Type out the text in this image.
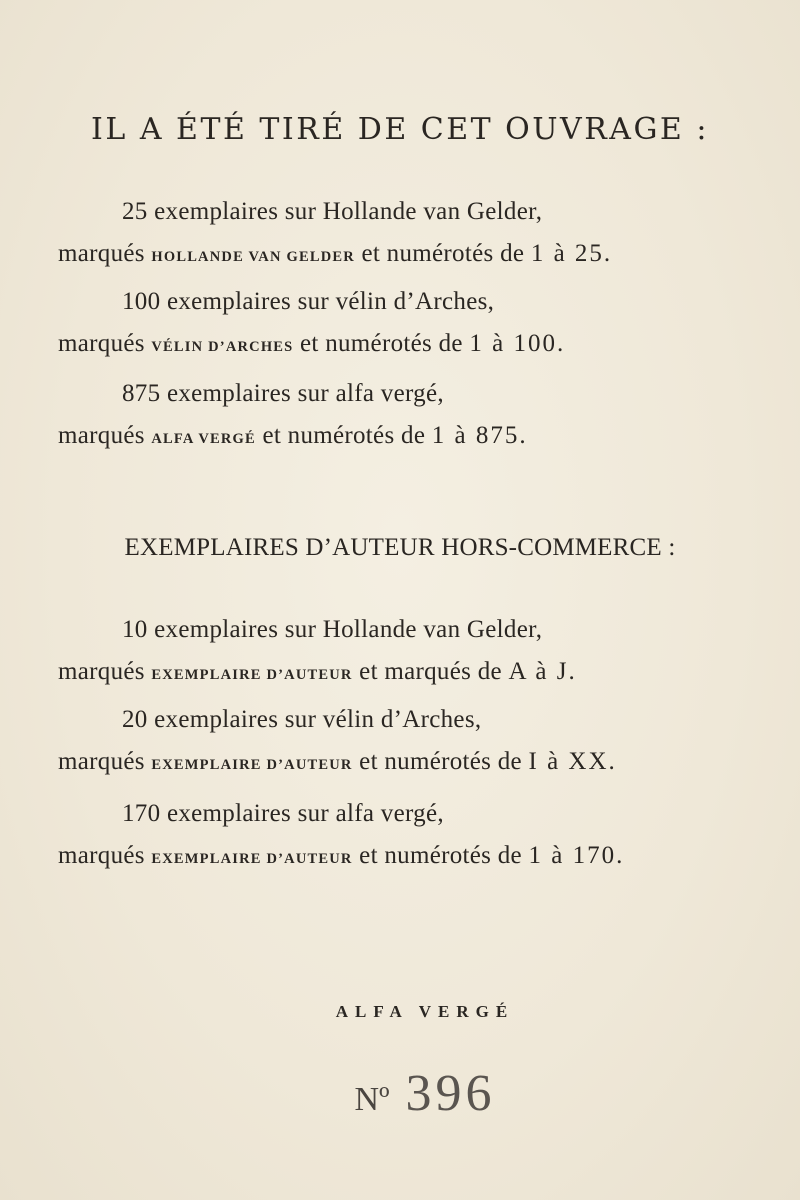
IL A ÉTÉ TIRÉ DE CET OUVRAGE :
25 exemplaires sur Hollande van Gelder,
marqués HOLLANDE VAN GELDER et numérotés de 1 à 25.
100 exemplaires sur vélin d’Arches,
marqués VÉLIN D’ARCHES et numérotés de 1 à 100.
875 exemplaires sur alfa vergé,
marqués ALFA VERGÉ et numérotés de 1 à 875.
EXEMPLAIRES D’AUTEUR HORS-COMMERCE :
10 exemplaires sur Hollande van Gelder,
marqués EXEMPLAIRE D’AUTEUR et marqués de A à J.
20 exemplaires sur vélin d’Arches,
marqués EXEMPLAIRE D’AUTEUR et numérotés de I à XX.
170 exemplaires sur alfa vergé,
marqués EXEMPLAIRE D’AUTEUR et numérotés de 1 à 170.
ALFA VERGÉ
Nº 396
